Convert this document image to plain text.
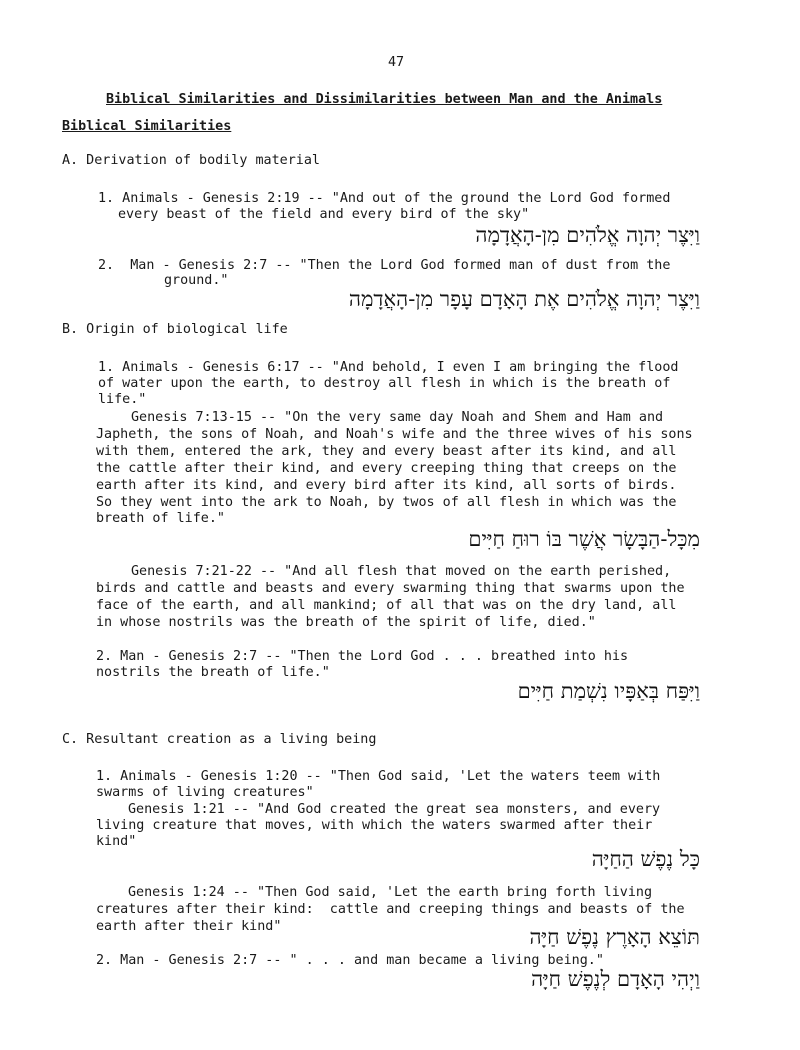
47
Biblical Similarities and Dissimilarities between Man and the Animals
Biblical Similarities
A. Derivation of bodily material
1. Animals - Genesis 2:19 -- "And out of the ground the Lord God formed
every beast of the field and every bird of the sky"
וַיִּצֶר יְהוָה אֱלֹהִים מִן-הָאֲדָמָה
2.  Man - Genesis 2:7 -- "Then the Lord God formed man of dust from the
ground."
וַיִּצֶר יְהוָה אֱלֹהִים אֶת הָאָדָם עָפָר מִן-הָאֲדָמָה
B. Origin of biological life
1. Animals - Genesis 6:17 -- "And behold, I even I am bringing the flood
of water upon the earth, to destroy all flesh in which is the breath of
life."
Genesis 7:13-15 -- "On the very same day Noah and Shem and Ham and
Japheth, the sons of Noah, and Noah's wife and the three wives of his sons
with them, entered the ark, they and every beast after its kind, and all
the cattle after their kind, and every creeping thing that creeps on the
earth after its kind, and every bird after its kind, all sorts of birds.
So they went into the ark to Noah, by twos of all flesh in which was the
breath of life."
מִכָּל-הַבָּשָׂר אֲשֶׁר בּוֹ רוּחַ חַיִּים
Genesis 7:21-22 -- "And all flesh that moved on the earth perished,
birds and cattle and beasts and every swarming thing that swarms upon the
face of the earth, and all mankind; of all that was on the dry land, all
in whose nostrils was the breath of the spirit of life, died."
2. Man - Genesis 2:7 -- "Then the Lord God . . . breathed into his
nostrils the breath of life."
וַיִּפַּח בְּאַפָּיו נִשְׁמַת חַיִּים
C. Resultant creation as a living being
1. Animals - Genesis 1:20 -- "Then God said, 'Let the waters teem with
swarms of living creatures"
Genesis 1:21 -- "And God created the great sea monsters, and every
living creature that moves, with which the waters swarmed after their
kind"
כָּל נֶפֶשׁ הַחַיָּה
Genesis 1:24 -- "Then God said, 'Let the earth bring forth living
creatures after their kind:  cattle and creeping things and beasts of the
earth after their kind"	תּוֹצֵא הָאָרֶץ נֶפֶשׁ חַיָּה
2. Man - Genesis 2:7 -- " . . . and man became a living being."
וַיְהִי הָאָדָם לְנֶפֶשׁ חַיָּה
